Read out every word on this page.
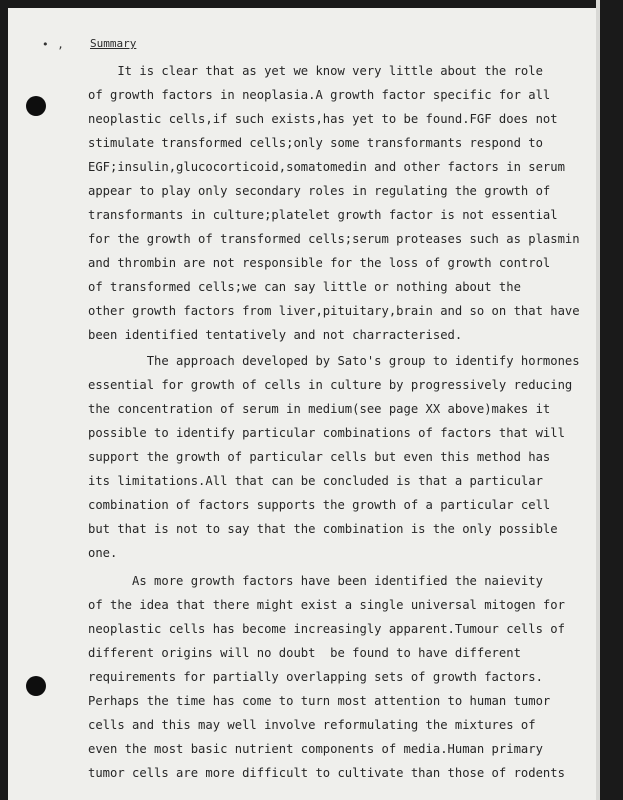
• , Summary
It is clear that as yet we know very little about the role
of growth factors in neoplasia.A growth factor specific for all
neoplastic cells,if such exists,has yet to be found.FGF does not
stimulate transformed cells;only some transformants respond to
EGF;insulin,glucocorticoid,somatomedin and other factors in serum
appear to play only secondary roles in regulating the growth of
transformants in culture;platelet growth factor is not essential
for the growth of transformed cells;serum proteases such as plasmin
and thrombin are not responsible for the loss of growth control
of transformed cells;we can say little or nothing about the
other growth factors from liver,pituitary,brain and so on that have
been identified tentatively and not charracterised.
The approach developed by Sato's group to identify hormones
essential for growth of cells in culture by progressively reducing
the concentration of serum in medium(see page XX above)makes it
possible to identify particular combinations of factors that will
support the growth of particular cells but even this method has
its limitations.All that can be concluded is that a particular
combination of factors supports the growth of a particular cell
but that is not to say that the combination is the only possible
one.
As more growth factors have been identified the naievity
of the idea that there might exist a single universal mitogen for
neoplastic cells has become increasingly apparent.Tumour cells of
different origins will no doubt  be found to have different
requirements for partially overlapping sets of growth factors.
Perhaps the time has come to turn most attention to human tumor
cells and this may well involve reformulating the mixtures of
even the most basic nutrient components of media.Human primary
tumor cells are more difficult to cultivate than those of rodents
